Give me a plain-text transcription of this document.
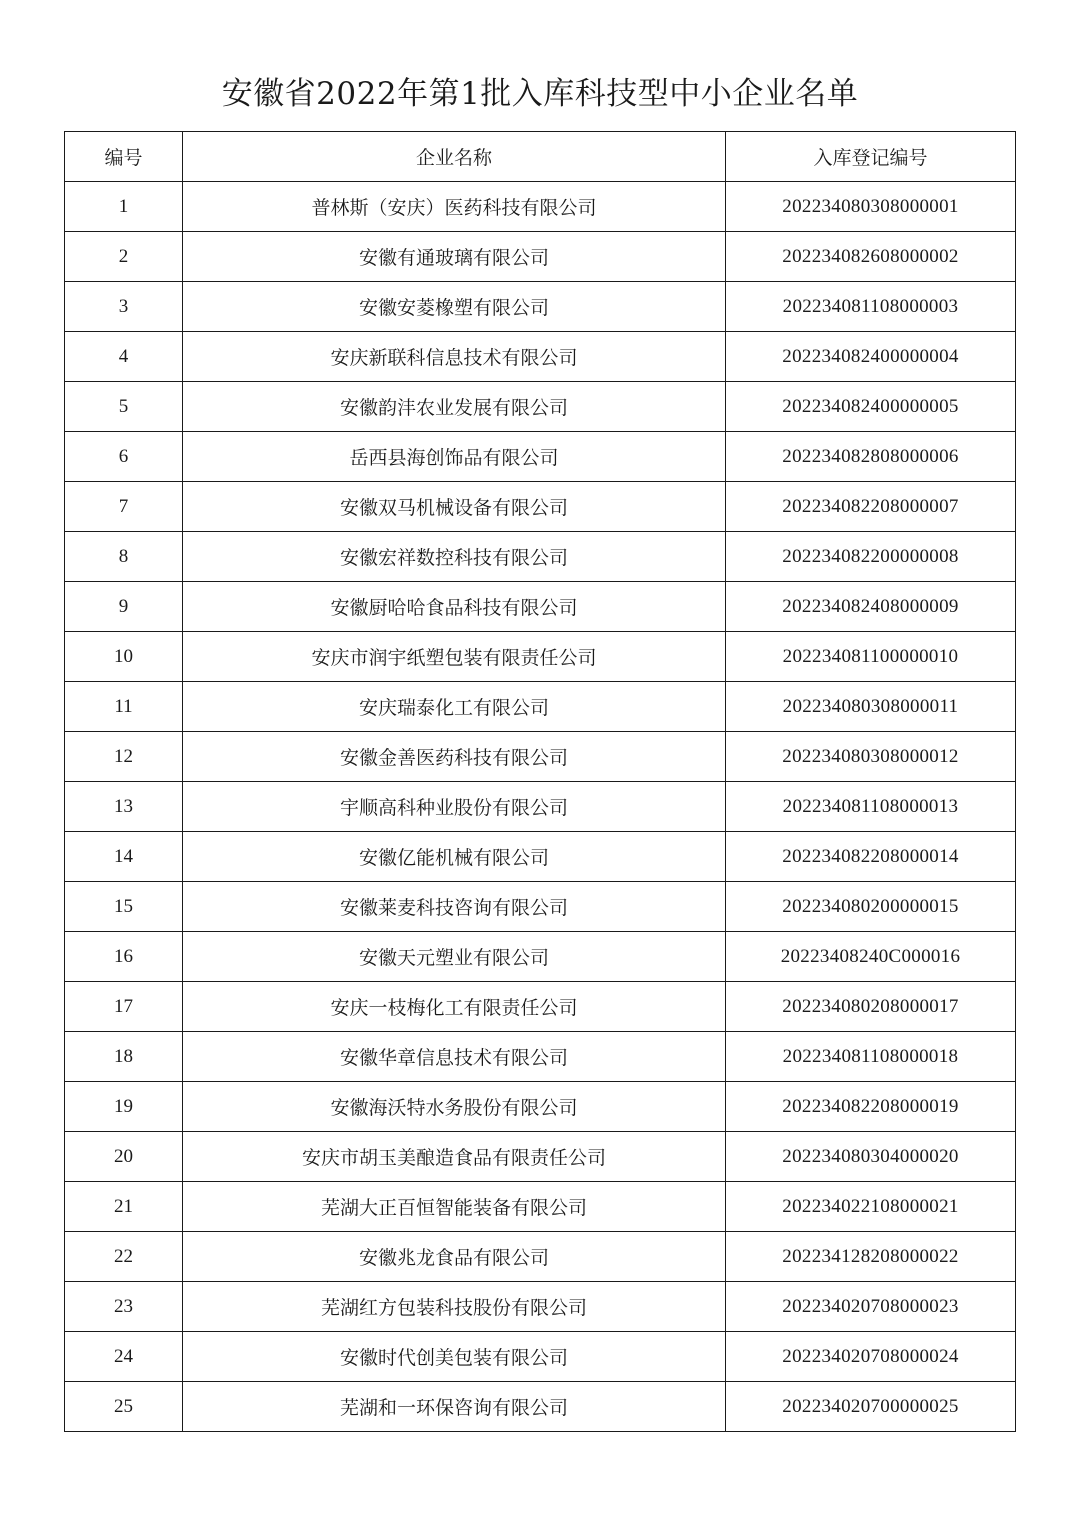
安徽省2022年第1批入库科技型中小企业名单
编号	企业名称	入库登记编号
1	普林斯（安庆）医药科技有限公司	202234080308000001
2	安徽有通玻璃有限公司	202234082608000002
3	安徽安菱橡塑有限公司	202234081108000003
4	安庆新联科信息技术有限公司	202234082400000004
5	安徽韵沣农业发展有限公司	202234082400000005
6	岳西县海创饰品有限公司	202234082808000006
7	安徽双马机械设备有限公司	202234082208000007
8	安徽宏祥数控科技有限公司	202234082200000008
9	安徽厨哈哈食品科技有限公司	202234082408000009
10	安庆市润宇纸塑包装有限责任公司	202234081100000010
11	安庆瑞泰化工有限公司	202234080308000011
12	安徽金善医药科技有限公司	202234080308000012
13	宇顺高科种业股份有限公司	202234081108000013
14	安徽亿能机械有限公司	202234082208000014
15	安徽莱麦科技咨询有限公司	202234080200000015
16	安徽天元塑业有限公司	20223408240C000016
17	安庆一枝梅化工有限责任公司	202234080208000017
18	安徽华章信息技术有限公司	202234081108000018
19	安徽海沃特水务股份有限公司	202234082208000019
20	安庆市胡玉美酿造食品有限责任公司	202234080304000020
21	芜湖大正百恒智能装备有限公司	202234022108000021
22	安徽兆龙食品有限公司	202234128208000022
23	芜湖红方包装科技股份有限公司	202234020708000023
24	安徽时代创美包装有限公司	202234020708000024
25	芜湖和一环保咨询有限公司	202234020700000025
